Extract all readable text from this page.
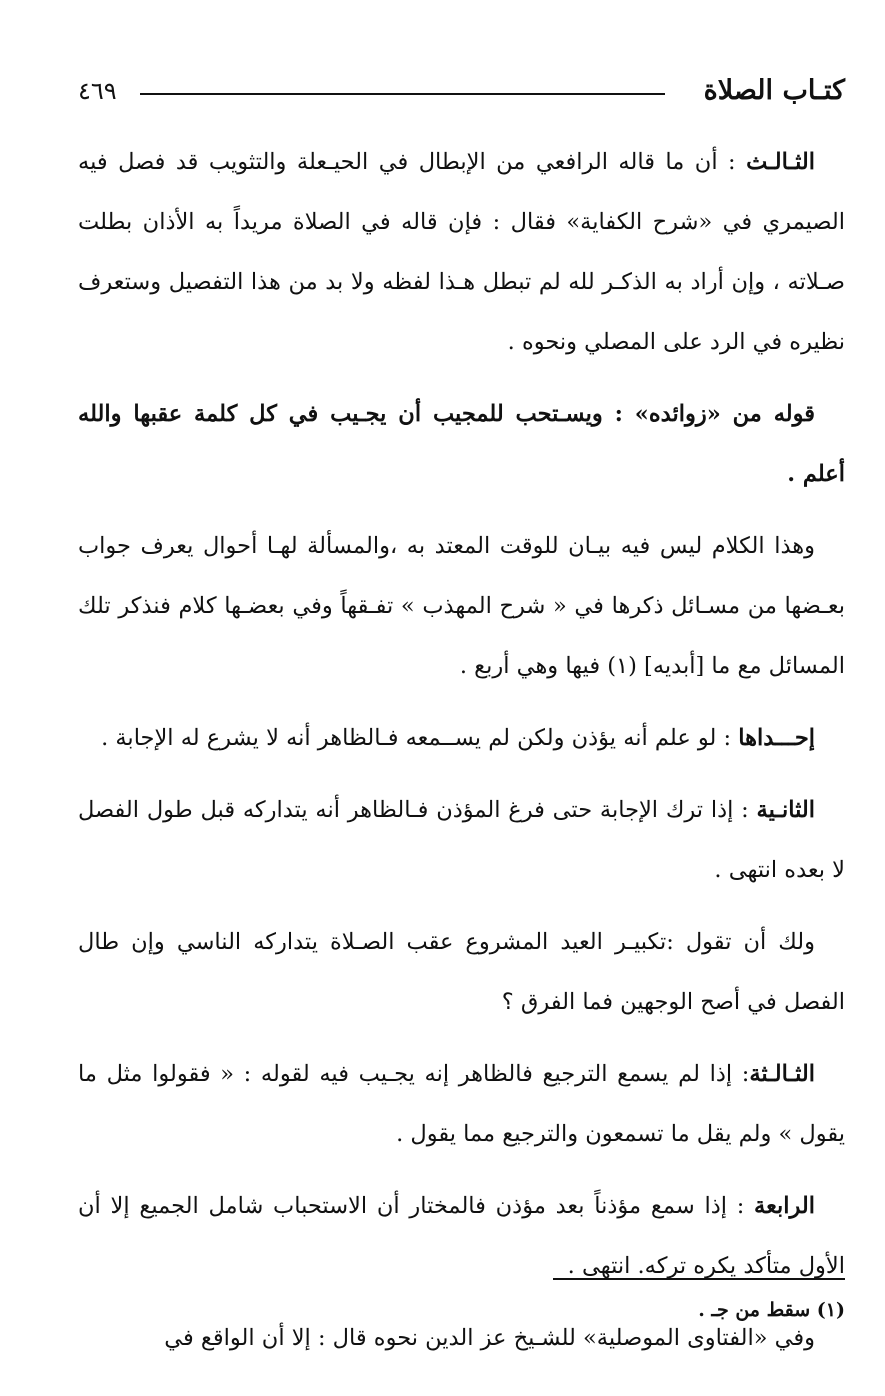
كتـاب الصلاة
٤٦٩

الثـالـث : أن ما قاله الرافعي من الإبطال في الحيـعلة والتثويب قد فصل فيه الصيمري في «شرح الكفاية» فقال : فإن قاله في الصلاة مريداً به الأذان بطلت صـلاته ، وإن أراد به الذكـر لله لم تبطل هـذا لفظه ولا بد من هذا التفصيل وستعرف نظيره في الرد على المصلي ونحوه .

قوله من «زوائده» : ويسـتحب للمجيب أن يجـيب في كل كلمة عقبها والله أعلم .

وهذا الكلام ليس فيه بيـان للوقت المعتد به ،والمسألة لهـا أحوال يعرف جواب بعـضها من مسـائل ذكرها في « شرح المهذب » تفـقهاً وفي بعضـها كلام فنذكر تلك المسائل مع ما [أبديه] (١) فيها وهي أربع .

إحـــداها : لو علم أنه يؤذن ولكن لم يســمعه فـالظاهر أنه لا يشرع له الإجابة .

الثانـية : إذا ترك الإجابة حتى فرغ المؤذن فـالظاهر أنه يتداركه قبل طول الفصل لا بعده انتهى .

ولك أن تقول :تكبيـر العيد المشروع عقب الصـلاة يتداركه الناسي وإن طال الفصل في أصح الوجهين فما الفرق ؟

الثـالـثة: إذا لم يسمع الترجيع فالظاهر إنه يجـيب فيه لقوله : « فقولوا مثل ما يقول » ولم يقل ما تسمعون والترجيع مما يقول .

الرابعة : إذا سمع مؤذناً بعد مؤذن فالمختار أن الاستحباب شامل الجميع إلا أن الأول متأكد يكره تركه. انتهى .

وفي «الفتاوى الموصلية» للشـيخ عز الدين نحوه قال : إلا أن الواقع في

(١) سقط من جـ .
